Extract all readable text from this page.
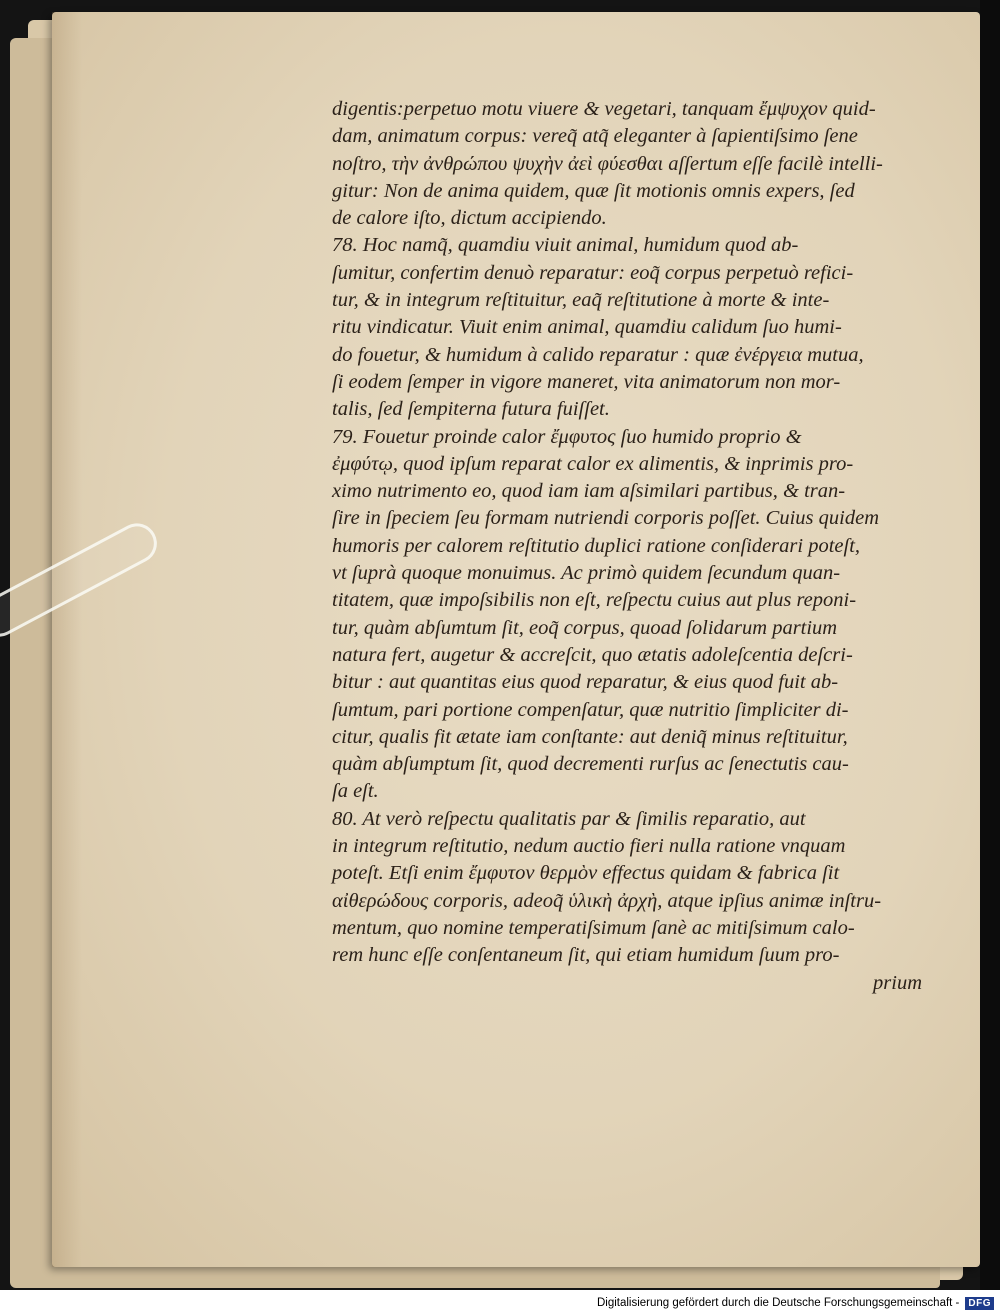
digentis:perpetuo motu viuere & vegetari, tanquam ἔμψυχον quid-
dam, animatum corpus: vereq̃ atq̃ eleganter à ſapientiſsimo ſene
noſtro, τὴν ἀνθρώπου ψυχὴν ἀεὶ φύεσθαι aſſertum eſſe facilè intelli-
gitur: Non de anima quidem, quæ ſit motionis omnis expers, ſed
de calore iſto, dictum accipiendo.

78. Hoc namq̃, quamdiu viuit animal, humidum quod ab-
ſumitur, confertim denuò reparatur: eoq̃ corpus perpetuò refici-
tur, & in integrum reſtituitur, eaq̃ reſtitutione à morte & inte-
ritu vindicatur. Viuit enim animal, quamdiu calidum ſuo humi-
do fouetur, & humidum à calido reparatur : quæ ἐνέργεια mutua,
ſi eodem ſemper in vigore maneret, vita animatorum non mor-
talis, ſed ſempiterna futura fuiſſet.

79. Fouetur proinde calor ἔμφυτος ſuo humido proprio &
ἐμφύτῳ, quod ipſum reparat calor ex alimentis, & inprimis pro-
ximo nutrimento eo, quod iam iam aſsimilari partibus, & tran-
ſire in ſpeciem ſeu formam nutriendi corporis poſſet. Cuius quidem
humoris per calorem reſtitutio duplici ratione conſiderari poteſt,
vt ſuprà quoque monuimus. Ac primò quidem ſecundum quan-
titatem, quæ impoſsibilis non eſt, reſpectu cuius aut plus reponi-
tur, quàm abſumtum ſit, eoq̃ corpus, quoad ſolidarum partium
natura fert, augetur & accreſcit, quo ætatis adoleſcentia deſcri-
bitur : aut quantitas eius quod reparatur, & eius quod fuit ab-
ſumtum, pari portione compenſatur, quæ nutritio ſimpliciter di-
citur, qualis fit ætate iam conſtante: aut deniq̃ minus reſtituitur,
quàm abſumptum ſit, quod decrementi rurſus ac ſenectutis cau-
ſa eſt.

80. At verò reſpectu qualitatis par & ſimilis reparatio, aut
in integrum reſtitutio, nedum auctio fieri nulla ratione vnquam
poteſt. Etſi enim ἔμφυτον θερμὸν effectus quidam & fabrica ſit
αἰθερώδους corporis, adeoq̃ ὑλικὴ ἀρχὴ, atque ipſius animæ inſtru-
mentum, quo nomine temperatiſsimum ſanè ac mitiſsimum calo-
rem hunc eſſe conſentaneum ſit, qui etiam humidum ſuum pro-
prium

Digitalisierung gefördert durch die Deutsche Forschungsgemeinschaft - DFG
